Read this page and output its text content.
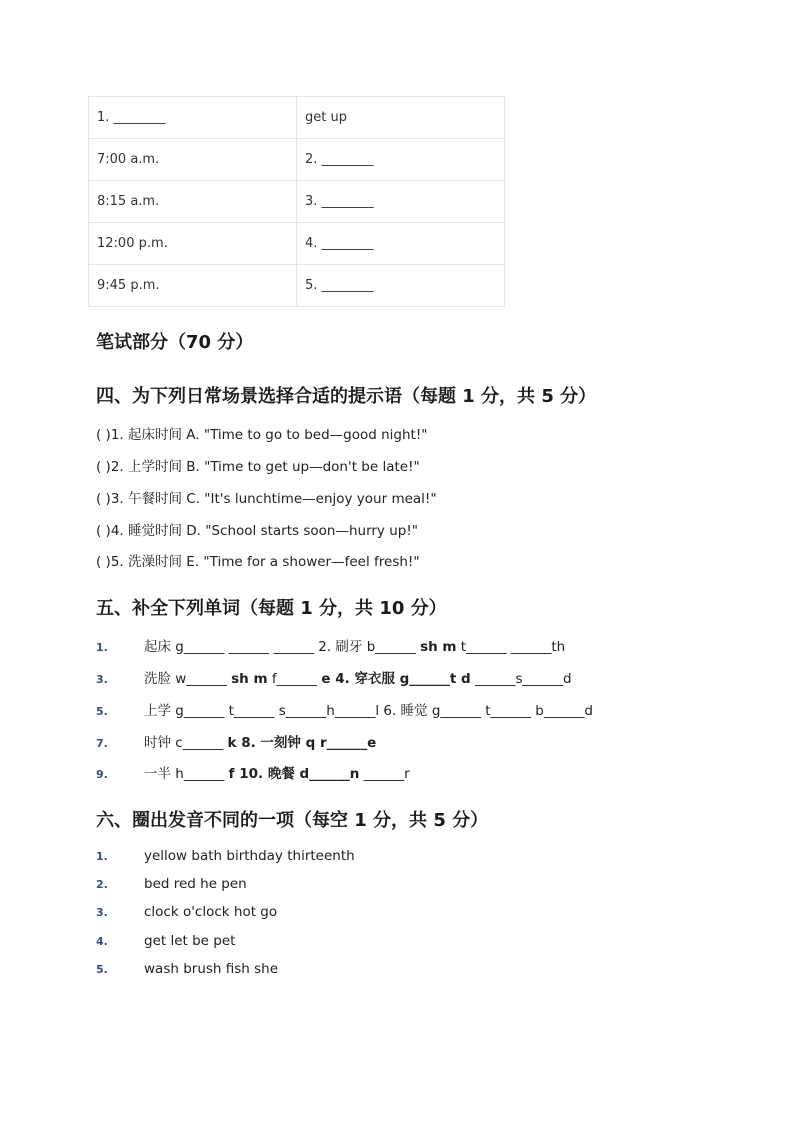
1. ________	get up
7:00 a.m.	2. ________
8:15 a.m.	3. ________
12:00 p.m.	4. ________
9:45 p.m.	5. ________
笔试部分（70 分）
四、为下列日常场景选择合适的提示语（每题 1 分，共 5 分）
( )1. 起床时间 A. "Time to go to bed—good night!"
( )2. 上学时间 B. "Time to get up—don't be late!"
( )3. 午餐时间 C. "It's lunchtime—enjoy your meal!"
( )4. 睡觉时间 D. "School starts soon—hurry up!"
( )5. 洗澡时间 E. "Time for a shower—feel fresh!"
五、补全下列单词（每题 1 分，共 10 分）
1.	起床 g______ ______ ______ 2. 刷牙 b______ sh m t______ ______th
3.	洗脸 w______ sh m f______ e 4. 穿衣服 g______t d ______s______d
5.	上学 g______ t______ s______h______l 6. 睡觉 g______ t______ b______d
7.	时钟 c______ k 8. 一刻钟 q r______e
9.	一半 h______ f 10. 晚餐 d______n ______r
六、圈出发音不同的一项（每空 1 分，共 5 分）
1.	yellow bath birthday thirteenth
2.	bed red he pen
3.	clock o'clock hot go
4.	get let be pet
5.	wash brush fish she
